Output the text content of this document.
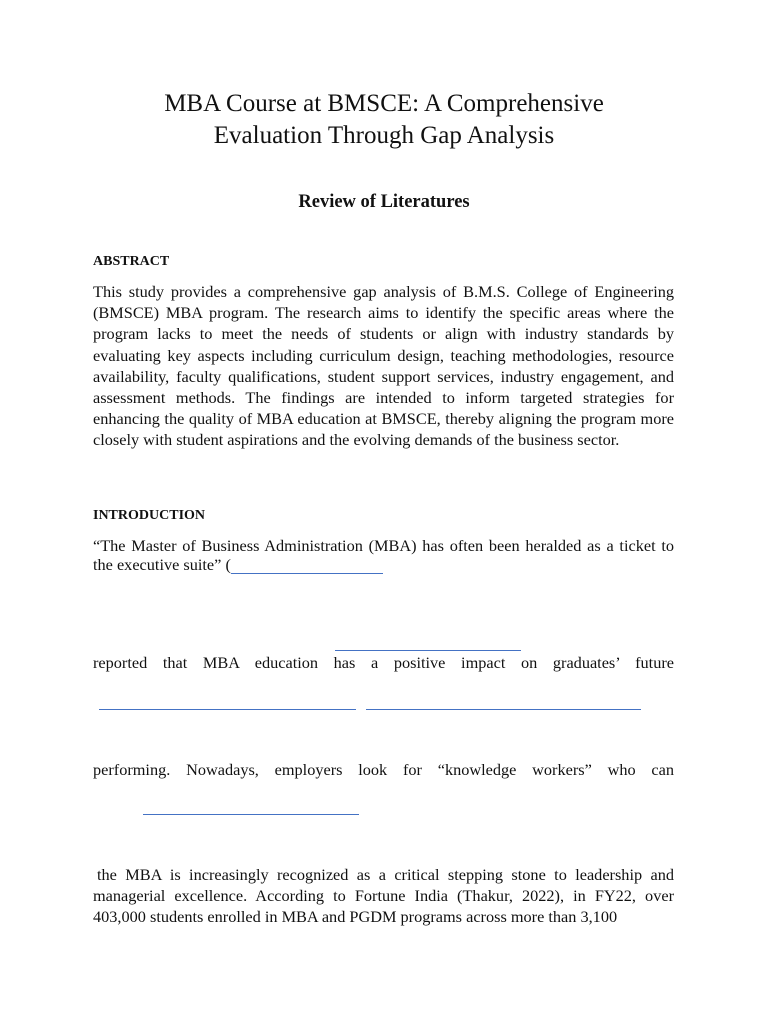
MBA Course at BMSCE: A Comprehensive
Evaluation Through Gap Analysis
Review of Literatures
ABSTRACT

This study provides a comprehensive gap analysis of B.M.S. College of Engineering (BMSCE) MBA program. The research aims to identify the specific areas where the program lacks to meet the needs of students or align with industry standards by evaluating key aspects including curriculum design, teaching methodologies, resource availability, faculty qualifications, student support services, industry engagement, and assessment methods. The findings are intended to inform targeted strategies for enhancing the quality of MBA education at BMSCE, thereby aligning the program more closely with student aspirations and the evolving demands of the business sector.

INTRODUCTION

“The Master of Business Administration (MBA) has often been heralded as a ticket to the executive suite” (

reported that MBA education has a positive impact on graduates’ future

performing. Nowadays, employers look for “knowledge workers” who can

the MBA is increasingly recognized as a critical stepping stone to leadership and managerial excellence. According to Fortune India (Thakur, 2022), in FY22, over 403,000 students enrolled in MBA and PGDM programs across more than 3,100
